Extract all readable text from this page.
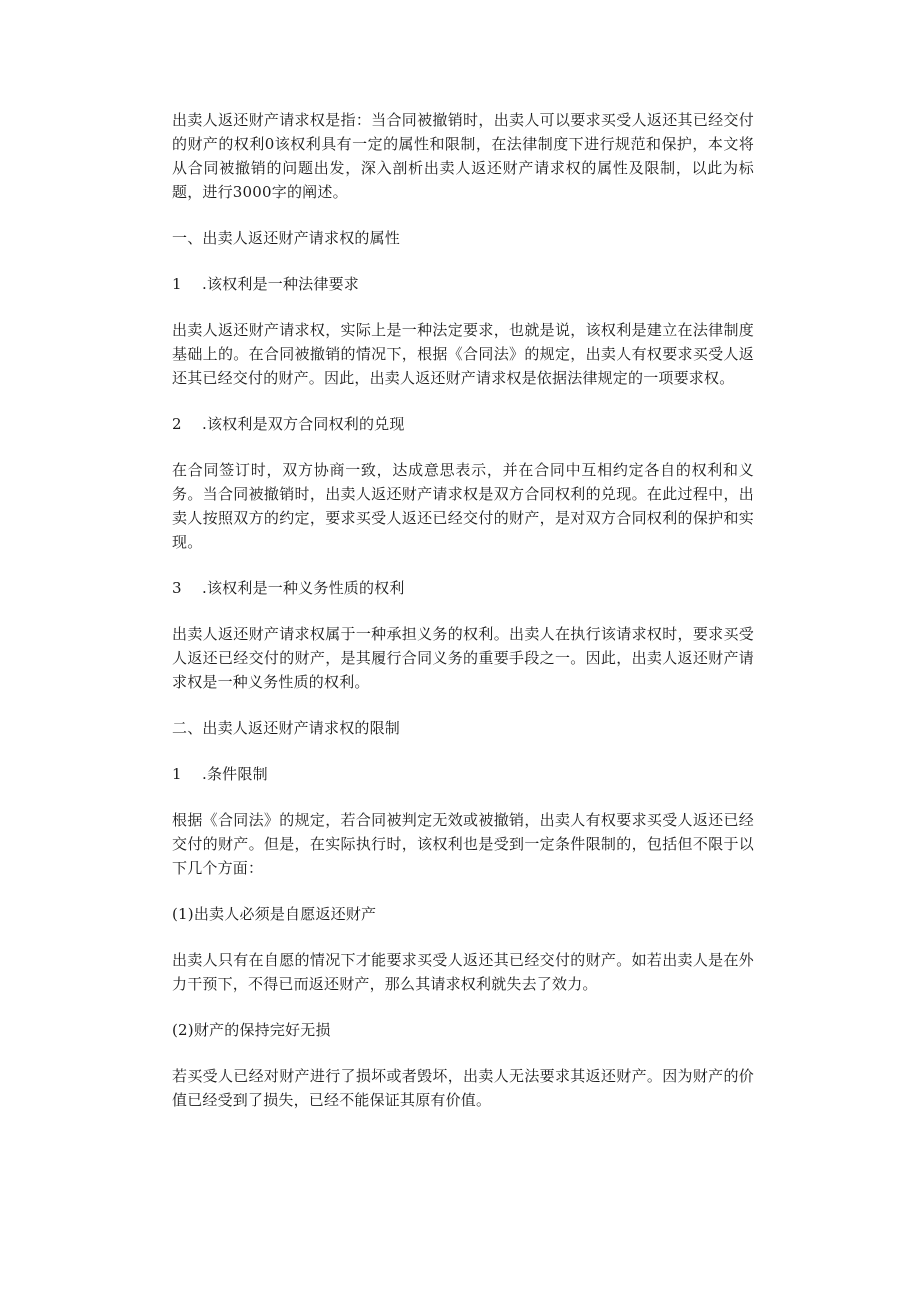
出卖人返还财产请求权是指：当合同被撤销时，出卖人可以要求买受人返还其已经交付的财产的权利0该权利具有一定的属性和限制，在法律制度下进行规范和保护，本文将从合同被撤销的问题出发，深入剖析出卖人返还财产请求权的属性及限制，以此为标题，进行3000字的阐述。

一、出卖人返还财产请求权的属性

1 .该权利是一种法律要求

出卖人返还财产请求权，实际上是一种法定要求，也就是说，该权利是建立在法律制度基础上的。在合同被撤销的情况下，根据《合同法》的规定，出卖人有权要求买受人返还其已经交付的财产。因此，出卖人返还财产请求权是依据法律规定的一项要求权。

2 .该权利是双方合同权利的兑现

在合同签订时，双方协商一致，达成意思表示，并在合同中互相约定各自的权利和义务。当合同被撤销时，出卖人返还财产请求权是双方合同权利的兑现。在此过程中，出卖人按照双方的约定，要求买受人返还已经交付的财产，是对双方合同权利的保护和实现。

3 .该权利是一种义务性质的权利

出卖人返还财产请求权属于一种承担义务的权利。出卖人在执行该请求权时，要求买受人返还已经交付的财产，是其履行合同义务的重要手段之一。因此，出卖人返还财产请求权是一种义务性质的权利。

二、出卖人返还财产请求权的限制

1 .条件限制

根据《合同法》的规定，若合同被判定无效或被撤销，出卖人有权要求买受人返还已经交付的财产。但是，在实际执行时，该权利也是受到一定条件限制的，包括但不限于以下几个方面：

(1)出卖人必须是自愿返还财产

出卖人只有在自愿的情况下才能要求买受人返还其已经交付的财产。如若出卖人是在外力干预下，不得已而返还财产，那么其请求权利就失去了效力。

(2)财产的保持完好无损

若买受人已经对财产进行了损坏或者毁坏，出卖人无法要求其返还财产。因为财产的价值已经受到了损失，已经不能保证其原有价值。
